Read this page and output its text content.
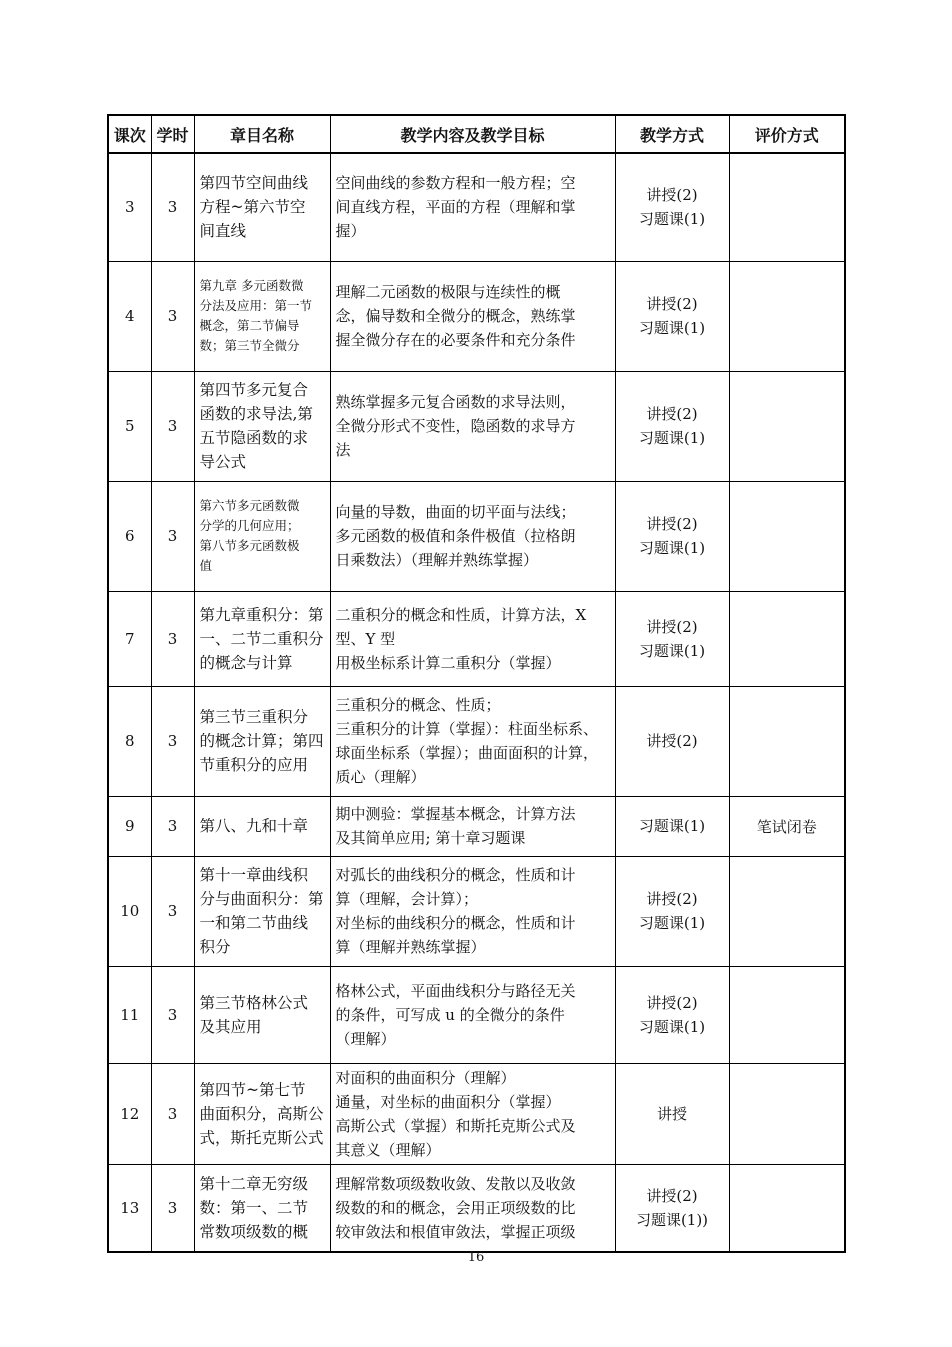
课次	学时	章目名称	教学内容及教学目标	教学方式	评价方式
3	3	第四节空间曲线
方程~第六节空
间直线	空间曲线的参数方程和一般方程；空
间直线方程，平面的方程（理解和掌
握）	讲授(2)
习题课(1)	

4	3	第九章 多元函数微
分法及应用：第一节
概念，第二节偏导
数；第三节全微分	理解二元函数的极限与连续性的概
念，偏导数和全微分的概念，熟练掌
握全微分存在的必要条件和充分条件	讲授(2)
习题课(1)	

5	3	第四节多元复合
函数的求导法,第
五节隐函数的求
导公式	熟练掌握多元复合函数的求导法则，
全微分形式不变性，隐函数的求导方
法	讲授(2)
习题课(1)	

6	3	第六节多元函数微
分学的几何应用；
第八节多元函数极
值	向量的导数，曲面的切平面与法线；
多元函数的极值和条件极值（拉格朗
日乘数法）（理解并熟练掌握）	讲授(2)
习题课(1)	

7	3	第九章重积分：第
一、二节二重积分
的概念与计算	二重积分的概念和性质，计算方法，X
型、Y 型
用极坐标系计算二重积分（掌握）	讲授(2)
习题课(1)	

8	3	第三节三重积分
的概念计算；第四
节重积分的应用	三重积分的概念、性质；
三重积分的计算（掌握）：柱面坐标系、
球面坐标系（掌握）；曲面面积的计算，
质心（理解）	讲授(2)	

9	3	第八、九和十章	期中测验：掌握基本概念，计算方法
及其简单应用; 第十章习题课	习题课(1)	笔试闭卷
10	3	第十一章曲线积
分与曲面积分：第
一和第二节曲线
积分	对弧长的曲线积分的概念，性质和计
算（理解，会计算）；
对坐标的曲线积分的概念，性质和计
算（理解并熟练掌握）	讲授(2)
习题课(1)	

11	3	第三节格林公式
及其应用	格林公式，平面曲线积分与路径无关
的条件，可写成 u 的全微分的条件
（理解）	讲授(2)
习题课(1)	

12	3	第四节~第七节
曲面积分，高斯公
式，斯托克斯公式	对面积的曲面积分（理解）
通量，对坐标的曲面积分（掌握）
高斯公式（掌握）和斯托克斯公式及
其意义（理解）	讲授	

13	3	第十二章无穷级
数：第一、二节
常数项级数的概	理解常数项级数收敛、发散以及收敛
级数的和的概念，会用正项级数的比
较审敛法和根值审敛法，掌握正项级	讲授(2)
习题课(1))	

16
